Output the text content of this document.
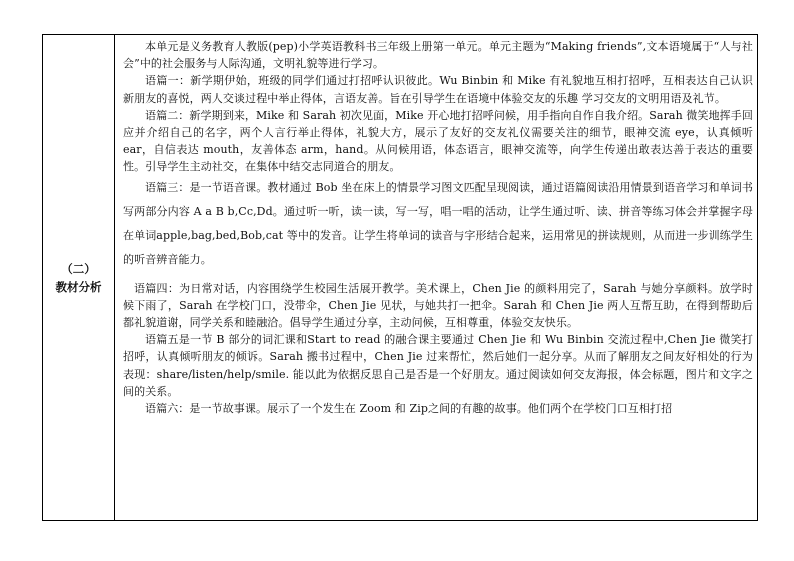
（二）
教材分析

本单元是义务教育人教版(pep)小学英语教科书三年级上册第一单元。单元主题为“Making friends”,文本语境属于“人与社会”中的社会服务与人际沟通，文明礼貌等进行学习。

语篇一：新学期伊始，班级的同学们通过打招呼认识彼此。Wu Binbin 和 Mike 有礼貌地互相打招呼，互相表达自己认识新朋友的喜悦，两人交谈过程中举止得体，言语友善。旨在引导学生在语境中体验交友的乐趣 学习交友的文明用语及礼节。

语篇二：新学期到来，Mike 和 Sarah 初次见面，Mike 开心地打招呼问候，用手指向自作自我介绍。Sarah 微笑地挥手回应并介绍自己的名字，两个人言行举止得体，礼貌大方，展示了友好的交友礼仪需要关注的细节，眼神交流 eye，认真倾听 ear，自信表达 mouth，友善体态 arm，hand。从问候用语，体态语言，眼神交流等，向学生传递出敢表达善于表达的重要性。引导学生主动社交，在集体中结交志同道合的朋友。

语篇三：是一节语音课。教材通过 Bob 坐在床上的情景学习图文匹配呈现阅读，通过语篇阅读沿用情景到语音学习和单词书写两部分内容 A a B b,Cc,Dd。通过听一听，读一读，写一写，唱一唱的活动，让学生通过听、读、拼音等练习体会并掌握字母在单词apple,bag,bed,Bob,cat 等中的发音。让学生将单词的读音与字形结合起来，运用常见的拼读规则，从而进一步训练学生的听音辨音能力。

语篇四：为日常对话，内容围绕学生校园生活展开教学。美术课上，Chen Jie 的颜料用完了，Sarah 与她分享颜料。放学时候下雨了，Sarah 在学校门口，没带伞，Chen Jie 见状，与她共打一把伞。Sarah 和 Chen Jie 两人互帮互助，在得到帮助后都礼貌道谢，同学关系和睦融洽。倡导学生通过分享，主动问候，互相尊重，体验交友快乐。

语篇五是一节 B 部分的词汇课和Start to read 的融合课主要通过 Chen Jie 和 Wu Binbin 交流过程中,Chen Jie 微笑打招呼，认真倾听朋友的倾诉。Sarah 搬书过程中，Chen Jie 过来帮忙，然后她们一起分享。从而了解朋友之间友好相处的行为表现：share/listen/help/smile. 能以此为依据反思自己是否是一个好朋友。通过阅读如何交友海报，体会标题，图片和文字之间的关系。

语篇六：是一节故事课。展示了一个发生在 Zoom 和 Zip之间的有趣的故事。他们两个在学校门口互相打招
